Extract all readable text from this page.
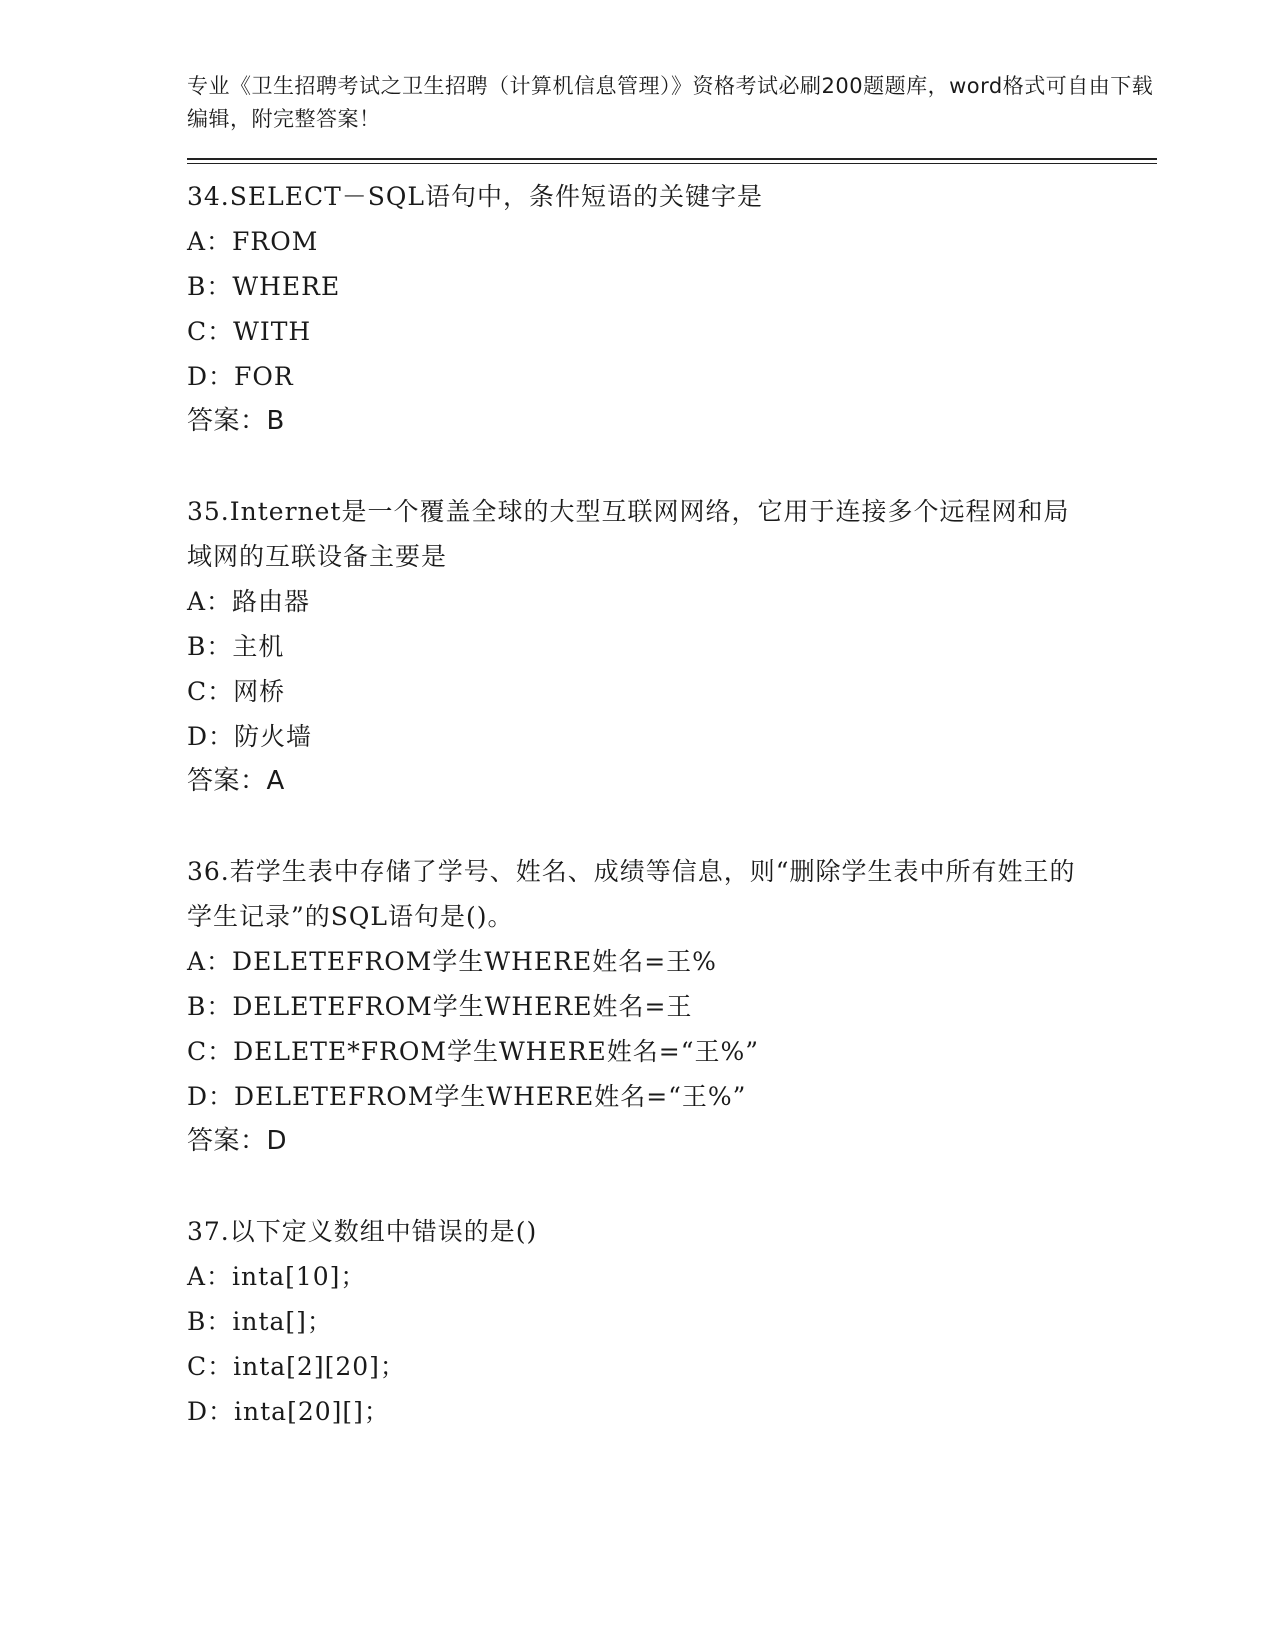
专业《卫生招聘考试之卫生招聘（计算机信息管理）》资格考试必刷200题题库，word格式可自由下载编辑，附完整答案！
34.SELECT－SQL语句中，条件短语的关键字是
A：FROM
B：WHERE
C：WITH
D：FOR
答案：B
35.Internet是一个覆盖全球的大型互联网网络，它用于连接多个远程网和局域网的互联设备主要是
A：路由器
B：主机
C：网桥
D：防火墙
答案：A
36.若学生表中存储了学号、姓名、成绩等信息，则“删除学生表中所有姓王的学生记录”的SQL语句是()。
A：DELETEFROM学生WHERE姓名=王%
B：DELETEFROM学生WHERE姓名=王
C：DELETE*FROM学生WHERE姓名=“王%”
D：DELETEFROM学生WHERE姓名=“王%”
答案：D
37.以下定义数组中错误的是()
A：inta[10]；
B：inta[]；
C：inta[2][20]；
D：inta[20][]；
